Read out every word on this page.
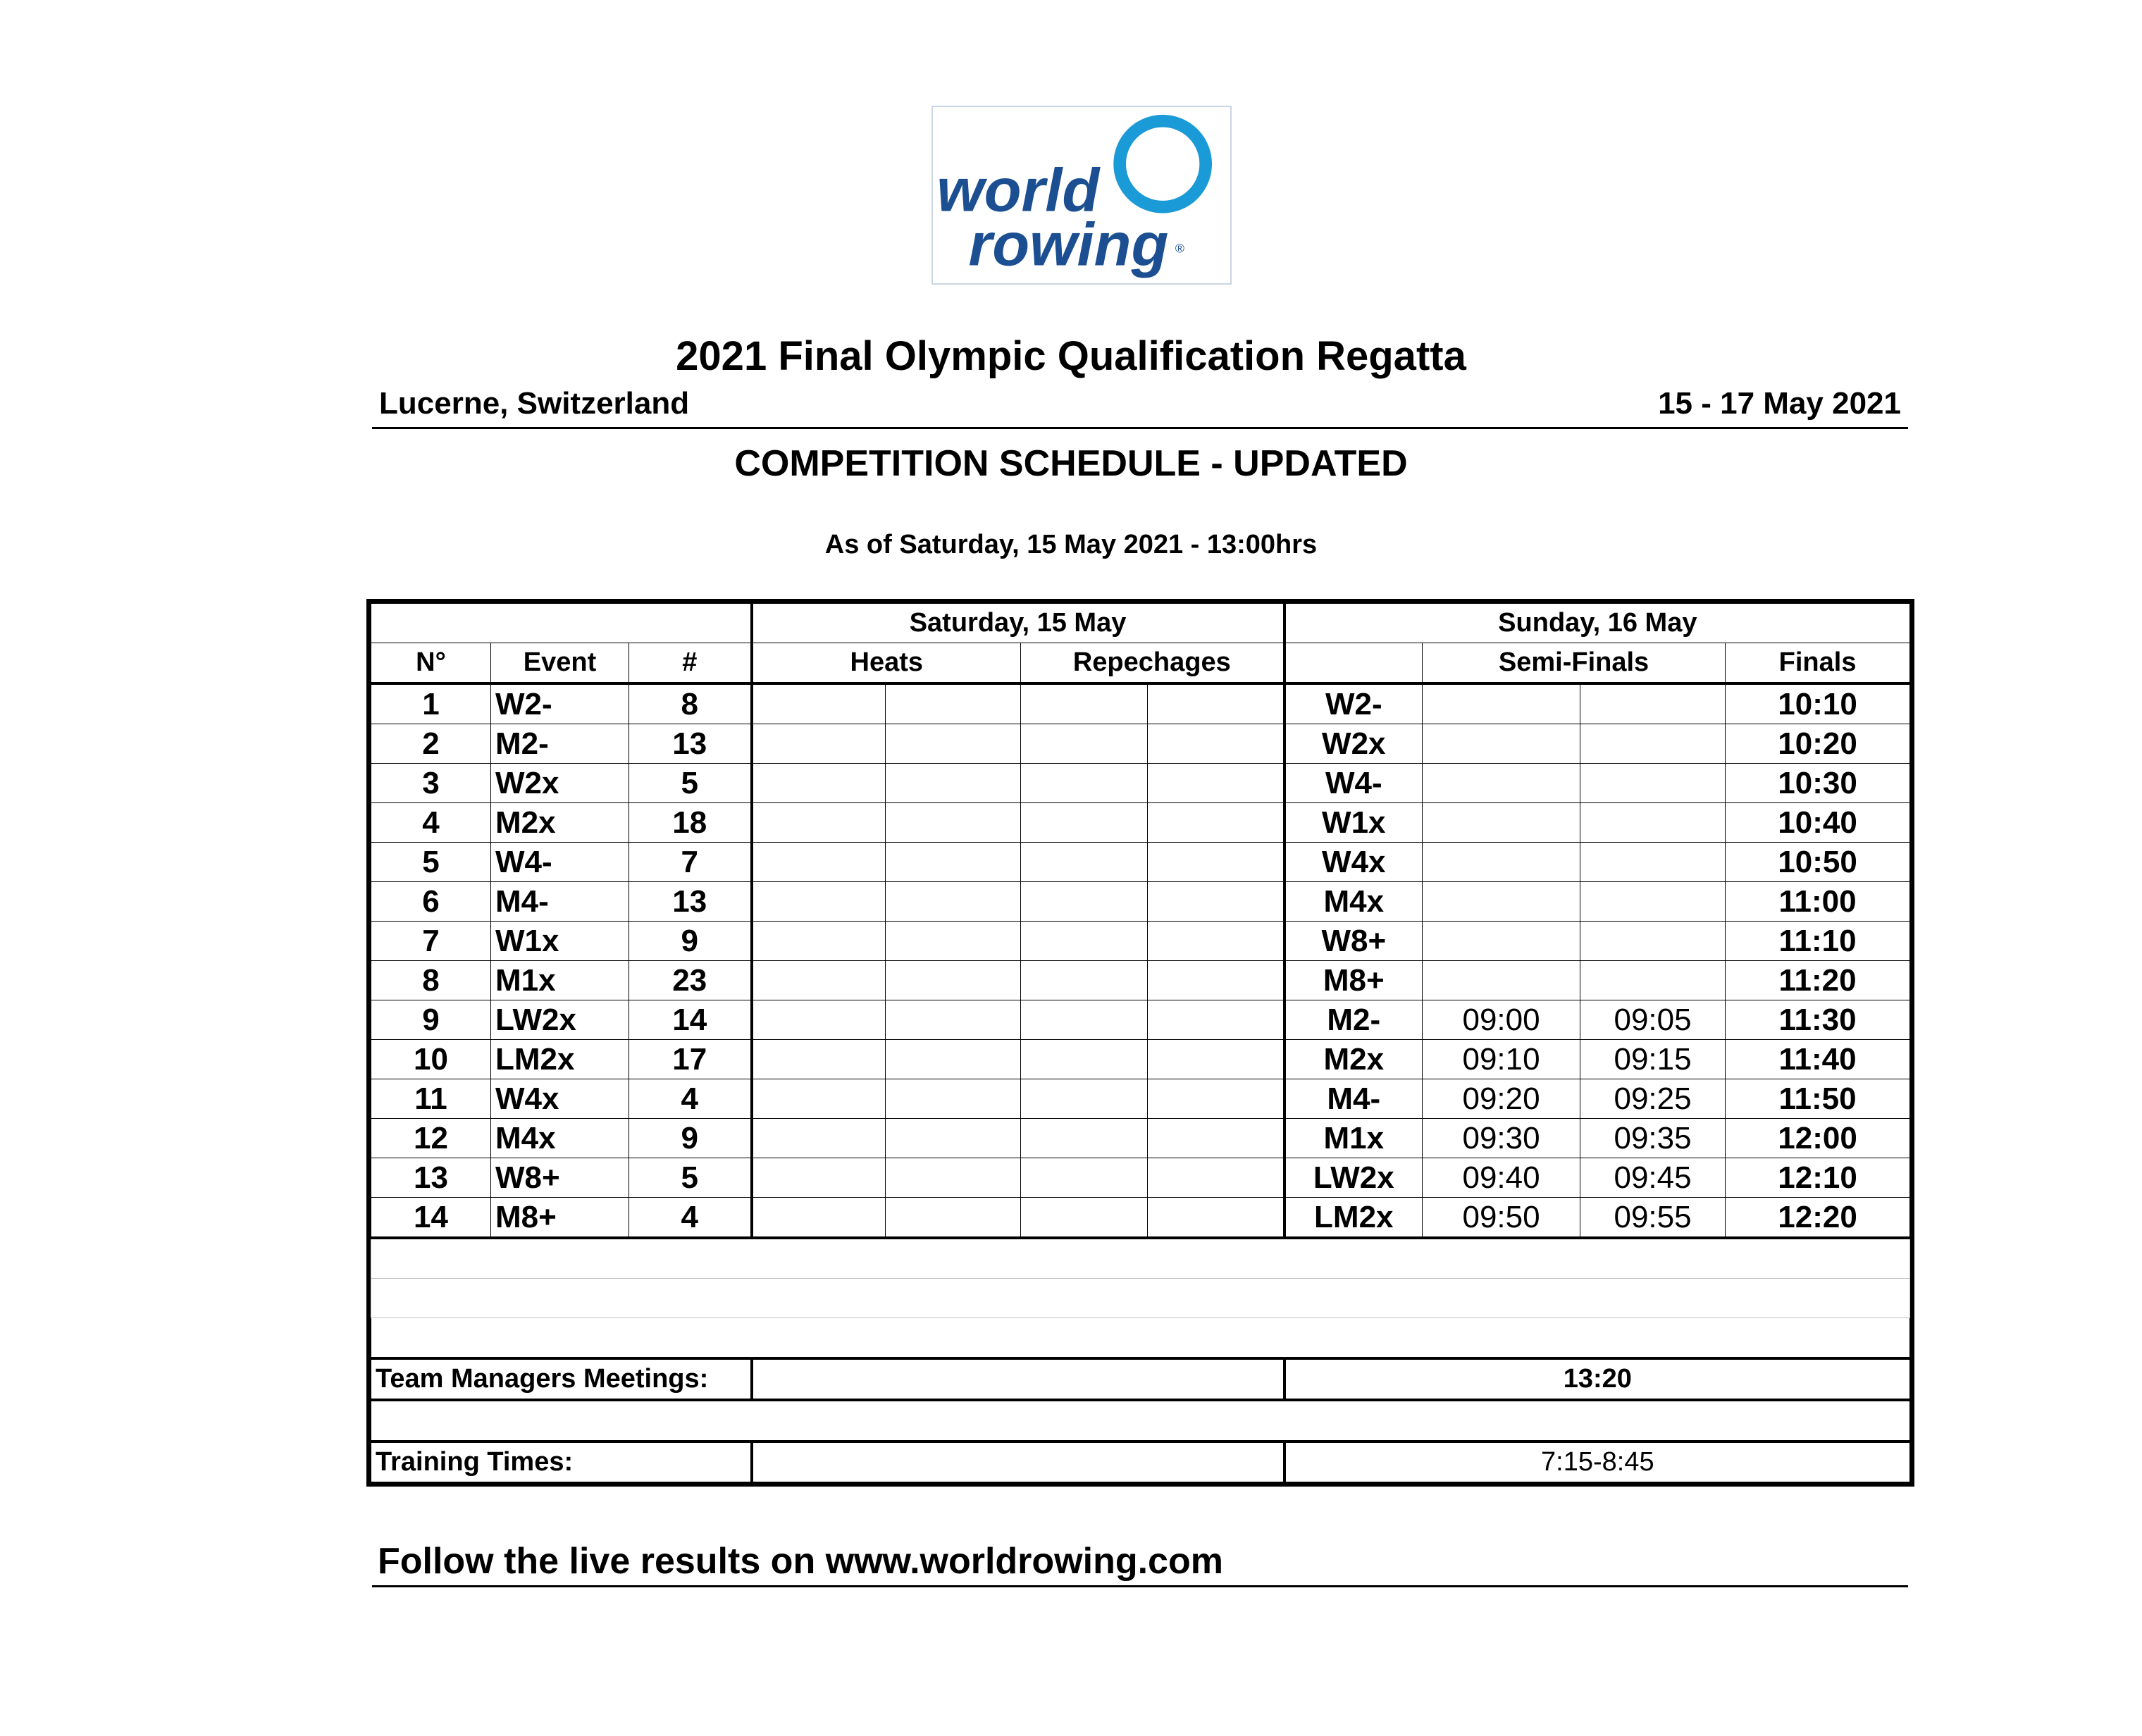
world
rowing ®
2021 Final Olympic Qualification Regatta
Lucerne, Switzerland	15 - 17 May 2021
COMPETITION SCHEDULE - UPDATED
As of Saturday, 15 May 2021 - 13:00hrs
			Saturday, 15 May				Sunday, 16 May			
N°	Event	#	Heats		Repechages			Semi-Finals		Finals
1	W2-	8					W2-			10:10
2	M2-	13					W2x			10:20
3	W2x	5					W4-			10:30
4	M2x	18					W1x			10:40
5	W4-	7					W4x			10:50
6	M4-	13					M4x			11:00
7	W1x	9					W8+			11:10
8	M1x	23					M8+			11:20
9	LW2x	14					M2-	09:00	09:05	11:30
10	LM2x	17					M2x	09:10	09:15	11:40
11	W4x	4					M4-	09:20	09:25	11:50
12	M4x	9					M1x	09:30	09:35	12:00
13	W8+	5					LW2x	09:40	09:45	12:10
14	M8+	4					LM2x	09:50	09:55	12:20

Team Managers Meetings:							13:20			

Training Times:							7:15-8:45			
Follow the live results on www.worldrowing.com
